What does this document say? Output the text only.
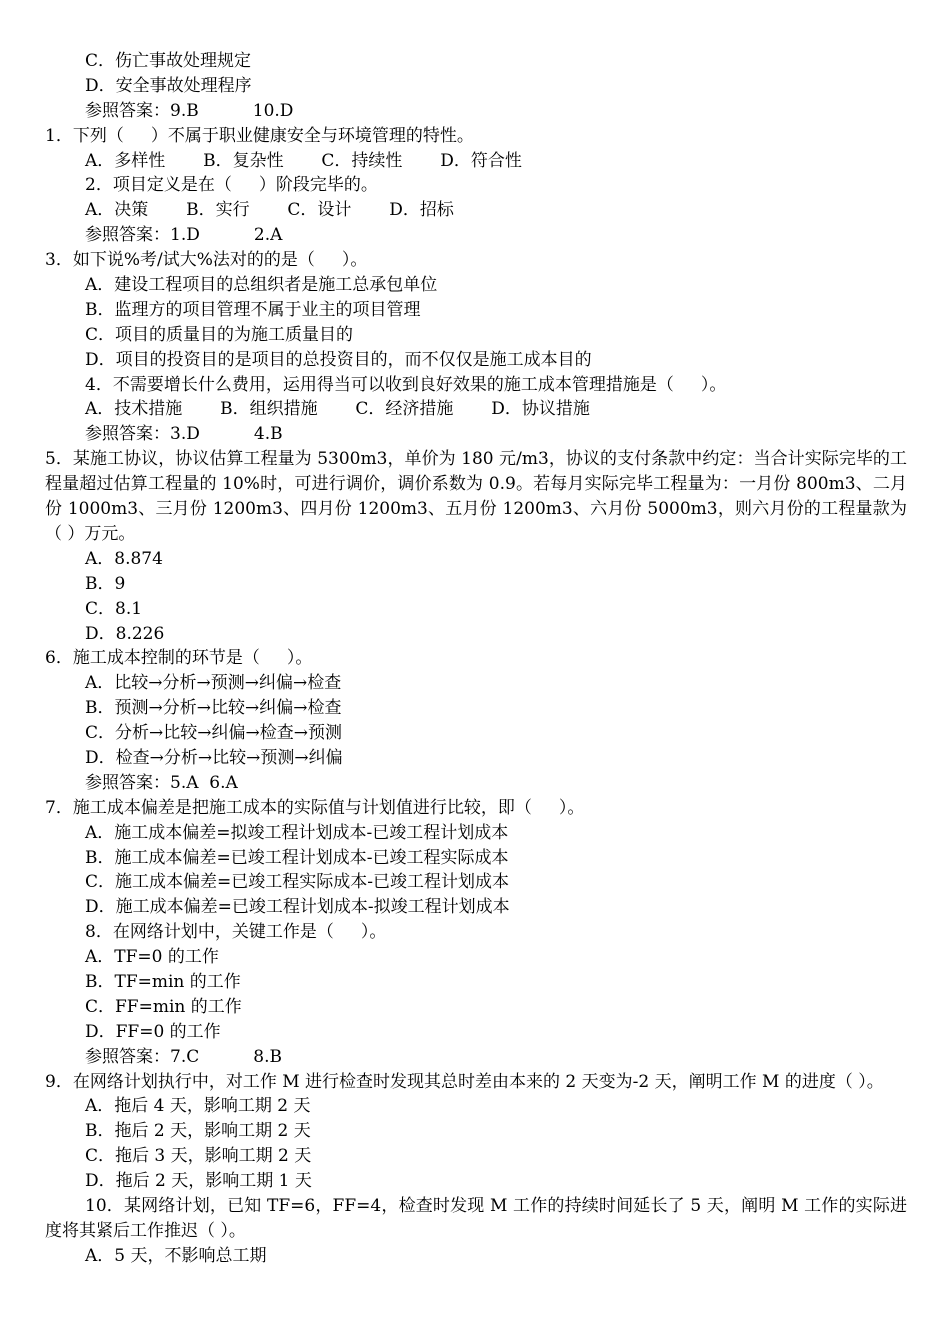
C．伤亡事故处理规定
D．安全事故处理程序
参照答案：9.B          10.D
1．下列（     ）不属于职业健康安全与环境管理的特性。
A．多样性       B．复杂性       C．持续性       D．符合性
2．项目定义是在（     ）阶段完毕的。
A．决策       B．实行       C．设计       D．招标
参照答案：1.D          2.A
3．如下说%考/试大%法对的的是（     ）。
A．建设工程项目的总组织者是施工总承包单位
B．监理方的项目管理不属于业主的项目管理
C．项目的质量目的为施工质量目的
D．项目的投资目的是项目的总投资目的，而不仅仅是施工成本目的
4．不需要增长什么费用，运用得当可以收到良好效果的施工成本管理措施是（     ）。
A．技术措施       B．组织措施       C．经济措施       D．协议措施
参照答案：3.D          4.B
5．某施工协议，协议估算工程量为 5300m3，单价为 180 元/m3，协议的支付条款中约定：当合计实际完毕的工程量超过估算工程量的 10%时，可进行调价，调价系数为 0.9。若每月实际完毕工程量为：一月份 800m3、二月份 1000m3、三月份 1200m3、四月份 1200m3、五月份 1200m3、六月份 5000m3，则六月份的工程量款为（ ）万元。
A．8.874
B．9
C．8.1
D．8.226
6．施工成本控制的环节是（     ）。
A．比较→分析→预测→纠偏→检查
B．预测→分析→比较→纠偏→检查
C．分析→比较→纠偏→检查→预测
D．检查→分析→比较→预测→纠偏
参照答案：5.A  6.A
7．施工成本偏差是把施工成本的实际值与计划值进行比较，即（     ）。
A．施工成本偏差=拟竣工程计划成本-已竣工程计划成本
B．施工成本偏差=已竣工程计划成本-已竣工程实际成本
C．施工成本偏差=已竣工程实际成本-已竣工程计划成本
D．施工成本偏差=已竣工程计划成本-拟竣工程计划成本
8．在网络计划中，关键工作是（     ）。
A．TF=0 的工作
B．TF=min 的工作
C．FF=min 的工作
D．FF=0 的工作
参照答案：7.C          8.B
9．在网络计划执行中，对工作 M 进行检查时发现其总时差由本来的 2 天变为-2 天，阐明工作 M 的进度（ ）。
A．拖后 4 天，影响工期 2 天
B．拖后 2 天，影响工期 2 天
C．拖后 3 天，影响工期 2 天
D．拖后 2 天，影响工期 1 天
10．某网络计划，已知 TF=6，FF=4，检查时发现 M 工作的持续时间延长了 5 天，阐明 M 工作的实际进度将其紧后工作推迟（ ）。
A．5 天，不影响总工期
